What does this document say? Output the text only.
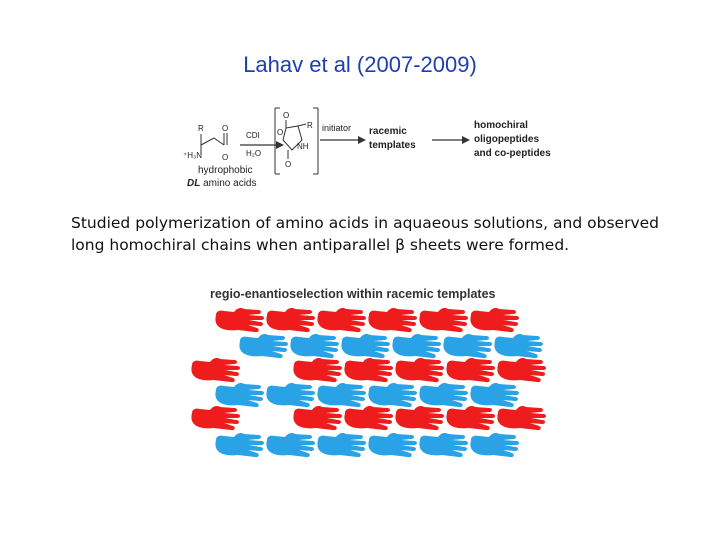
Lahav et al (2007-2009)
R O
⁺H₃N O
CDI
H₂O
hydrophobic
DL amino acids
O
O
R
NH
O
initiator racemic
templates
homochiral
oligopeptides
and co-peptides
Studied polymerization of amino acids in aquaeous solutions, and observed long homochiral chains when antiparallel β sheets were formed.
regio-enantioselection within racemic templates
